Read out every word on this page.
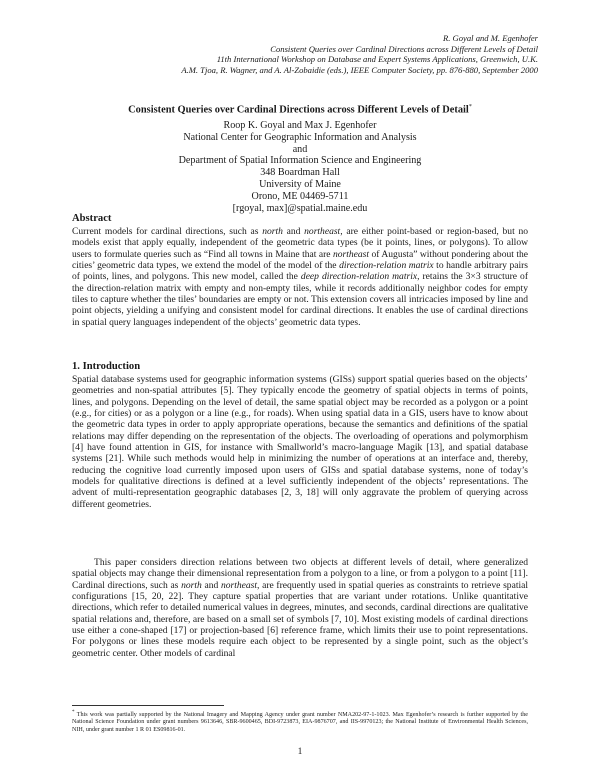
R. Goyal and M. Egenhofer
Consistent Queries over Cardinal Directions across Different Levels of Detail
11th International Workshop on Database and Expert Systems Applications, Greenwich, U.K.
A.M. Tjoa, R. Wagner, and A. Al-Zobaidie (eds.), IEEE Computer Society, pp. 876-880, September 2000
Consistent Queries over Cardinal Directions across Different Levels of Detail*
Roop K. Goyal and Max J. Egenhofer
National Center for Geographic Information and Analysis
and
Department of Spatial Information Science and Engineering
348 Boardman Hall
University of Maine
Orono, ME 04469-5711
[rgoyal, max]@spatial.maine.edu
Abstract

Current models for cardinal directions, such as north and northeast, are either point-based or region-based, but no models exist that apply equally, independent of the geometric data types (be it points, lines, or polygons). To allow users to formulate queries such as “Find all towns in Maine that are northeast of Augusta” without pondering about the cities’ geometric data types, we extend the model of the model of the direction-relation matrix to handle arbitrary pairs of points, lines, and polygons. This new model, called the deep direction-relation matrix, retains the 3×3 structure of the direction-relation matrix with empty and non-empty tiles, while it records additionally neighbor codes for empty tiles to capture whether the tiles’ boundaries are empty or not. This extension covers all intricacies imposed by line and point objects, yielding a unifying and consistent model for cardinal directions. It enables the use of cardinal directions in spatial query languages independent of the objects’ geometric data types.

1. Introduction

Spatial database systems used for geographic information systems (GISs) support spatial queries based on the objects’ geometries and non-spatial attributes [5]. They typically encode the geometry of spatial objects in terms of points, lines, and polygons. Depending on the level of detail, the same spatial object may be recorded as a polygon or a point (e.g., for cities) or as a polygon or a line (e.g., for roads). When using spatial data in a GIS, users have to know about the geometric data types in order to apply appropriate operations, because the semantics and definitions of the spatial relations may differ depending on the representation of the objects. The overloading of operations and polymorphism [4] have found attention in GIS, for instance with Smallworld’s macro-language Magik [13], and spatial database systems [21]. While such methods would help in minimizing the number of operations at an interface and, thereby, reducing the cognitive load currently imposed upon users of GISs and spatial database systems, none of today’s models for qualitative directions is defined at a level sufficiently independent of the objects’ representations. The advent of multi-representation geographic databases [2, 3, 18] will only aggravate the problem of querying across different geometries.

This paper considers direction relations between two objects at different levels of detail, where generalized spatial objects may change their dimensional representation from a polygon to a line, or from a polygon to a point [11]. Cardinal directions, such as north and northeast, are frequently used in spatial queries as constraints to retrieve spatial configurations [15, 20, 22]. They capture spatial properties that are variant under rotations. Unlike quantitative directions, which refer to detailed numerical values in degrees, minutes, and seconds, cardinal directions are qualitative spatial relations and, therefore, are based on a small set of symbols [7, 10]. Most existing models of cardinal directions use either a cone-shaped [17] or projection-based [6] reference frame, which limits their use to point representations. For polygons or lines these models require each object to be represented by a single point, such as the object’s geometric center. Other models of cardinal

* This work was partially supported by the National Imagery and Mapping Agency under grant number NMA202-97-1-1023. Max Egenhofer’s research is further supported by the National Science Foundation under grant numbers 9613646, SBR-9600465, BDI-9723873, EIA-9876707, and IIS-9970123; the National Institute of Environmental Health Sciences, NIH, under grant number 1 R 01 ES09816-01.

1
